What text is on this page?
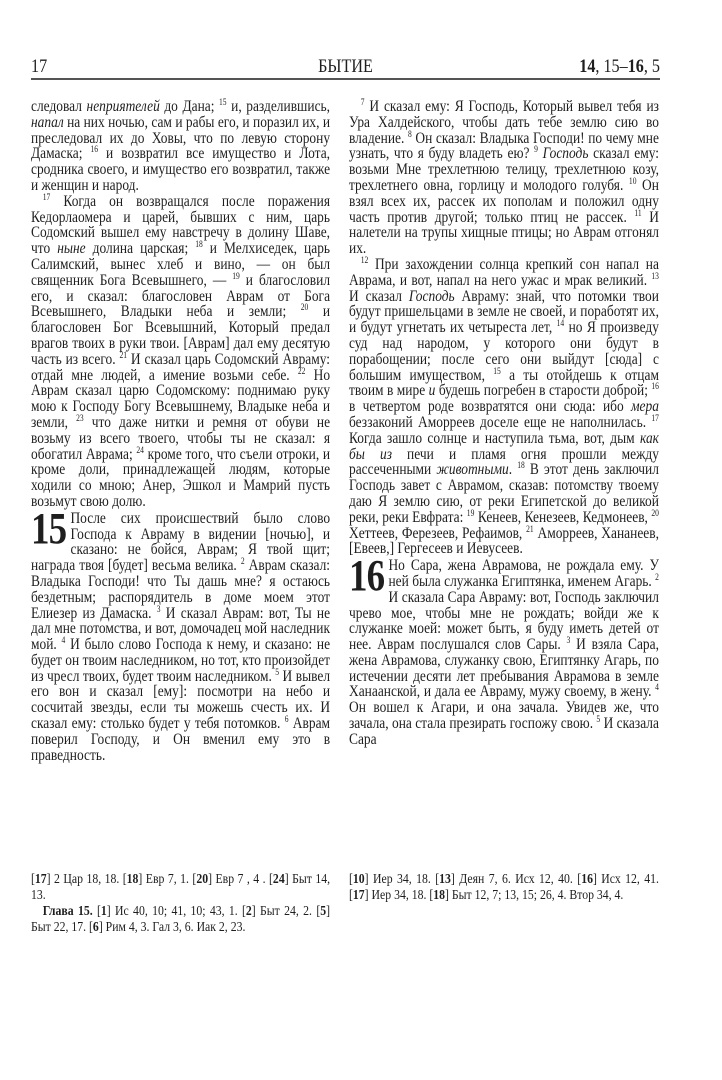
17	БЫТИЕ	14, 15–16, 5

следовал неприятелей до Дана; $^{15}$ и, разделившись, напал на них ночью, сам и рабы его, и поразил их, и преследовал их до Ховы, что по левую сторону Дамаска; $^{16}$ и возвратил все имущество и Лота, сродника своего, и имущество его возвратил, также и женщин и народ.

$^{17}$ Когда он возвращался после поражения Кедорлаомера и царей, бывших с ним, царь Содомский вышел ему навстречу в долину Шаве, что ныне долина царская; $^{18}$ и Мелхиседек, царь Салимский, вынес хлеб и вино, — он был священник Бога Всевышнего, — $^{19}$ и благословил его, и сказал: благословен Аврам от Бога Всевышнего, Владыки неба и земли; $^{20}$ и благословен Бог Всевышний, Который предал врагов твоих в руки твои. [Аврам] дал ему десятую часть из всего. $^{21}$ И сказал царь Содомский Авраму: отдай мне людей, а имение возьми себе. $^{22}$ Но Аврам сказал царю Содомскому: поднимаю руку мою к Господу Богу Всевышнему, Владыке неба и земли, $^{23}$ что даже нитки и ремня от обуви не возьму из всего твоего, чтобы ты не сказал: я обогатил Аврама; $^{24}$ кроме того, что съели отроки, и кроме доли, принадлежащей людям, которые ходили со мною; Анер, Эшкол и Мамрий пусть возьмут свою долю.

15 После сих происшествий было слово Господа к Авраму в видении [ночью], и сказано: не бойся, Аврам; Я твой щит; награда твоя [будет] весьма велика. $^2$ Аврам сказал: Владыка Господи! что Ты дашь мне? я остаюсь бездетным; распорядитель в доме моем этот Елиезер из Дамаска. $^3$ И сказал Аврам: вот, Ты не дал мне потомства, и вот, домочадец мой наследник мой. $^4$ И было слово Господа к нему, и сказано: не будет он твоим наследником, но тот, кто произойдет из чресл твоих, будет твоим наследником. $^5$ И вывел его вон и сказал [ему]: посмотри на небо и сосчитай звезды, если ты можешь счесть их. И сказал ему: столько будет у тебя потомков. $^6$ Аврам поверил Господу, и Он вменил ему это в праведность.

$^7$ И сказал ему: Я Господь, Который вывел тебя из Ура Халдейского, чтобы дать тебе землю сию во владение. $^8$ Он сказал: Владыка Господи! по чему мне узнать, что я буду владеть ею? $^9$ Господь сказал ему: возьми Мне трехлетнюю телицу, трехлетнюю козу, трехлетнего овна, горлицу и молодого голубя. $^{10}$ Он взял всех их, рассек их пополам и положил одну часть против другой; только птиц не рассек. $^{11}$ И налетели на трупы хищные птицы; но Аврам отгонял их.

$^{12}$ При захождении солнца крепкий сон напал на Аврама, и вот, напал на него ужас и мрак великий. $^{13}$ И сказал Господь Авраму: знай, что потомки твои будут пришельцами в земле не своей, и поработят их, и будут угнетать их четыреста лет, $^{14}$ но Я произведу суд над народом, у которого они будут в порабощении; после сего они выйдут [сюда] с большим имуществом, $^{15}$ а ты отойдешь к отцам твоим в мире и будешь погребен в старости доброй; $^{16}$ в четвертом роде возвратятся они сюда: ибо мера беззаконий Аморреев доселе еще не наполнилась. $^{17}$ Когда зашло солнце и наступила тьма, вот, дым как бы из печи и пламя огня прошли между рассеченными животными. $^{18}$ В этот день заключил Господь завет с Аврамом, сказав: потомству твоему даю Я землю сию, от реки Египетской до великой реки, реки Евфрата: $^{19}$ Кенеев, Кенезеев, Кедмонеев, $^{20}$ Хеттеев, Ферезеев, Рефаимов, $^{21}$ Аморреев, Хананеев, [Евеев,] Гергесеев и Иевусеев.

16 Но Сара, жена Аврамова, не рождала ему. У ней была служанка Египтянка, именем Агарь. $^2$ И сказала Сара Авраму: вот, Господь заключил чрево мое, чтобы мне не рождать; войди же к служанке моей: может быть, я буду иметь детей от нее. Аврам послушался слов Сары. $^3$ И взяла Сара, жена Аврамова, служанку свою, Египтянку Агарь, по истечении десяти лет пребывания Аврамова в земле Ханаанской, и дала ее Авраму, мужу своему, в жену. $^4$ Он вошел к Агари, и она зачала. Увидев же, что зачала, она стала презирать госпожу свою. $^5$ И сказала Сара

[17] 2 Цар 18, 18. [18] Евр 7, 1. [20] Евр 7 , 4 . [24] Быт 14, 13.

Глава 15. [1] Ис 40, 10; 41, 10; 43, 1. [2] Быт 24, 2. [5] Быт 22, 17. [6] Рим 4, 3. Гал 3, 6. Иак 2, 23.

[10] Иер 34, 18. [13] Деян 7, 6. Исх 12, 40. [16] Исх 12, 41. [17] Иер 34, 18. [18] Быт 12, 7; 13, 15; 26, 4. Втор 34, 4.
